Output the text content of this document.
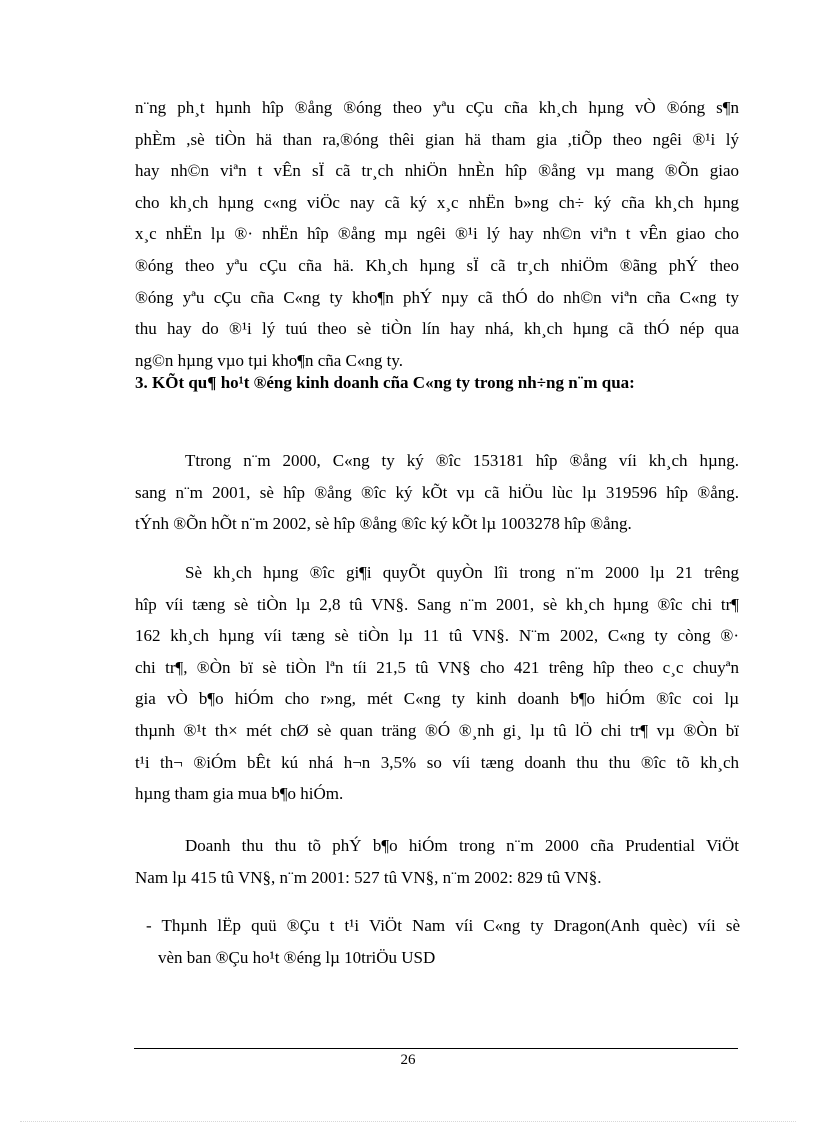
n¨ng ph¸t hµnh hîp ®ång ®óng theo yªu cÇu cña kh¸ch hµng vÒ ®óng s¶n

phÈm ,sè tiÒn hä than ra,®óng thêi gian hä tham gia ,tiÕp theo ngêi ®¹i lý

hay nh©n viªn t vÊn sÏ cã tr¸ch nhiÖn hnÈn hîp ®ång vµ mang ®Õn giao

cho kh¸ch hµng c«ng viÖc nay cã ký x¸c nhËn b»ng ch÷ ký cña kh¸ch hµng

x¸c nhËn lµ ®· nhËn hîp ®ång mµ ngêi ®¹i lý hay nh©n viªn t vÊn giao cho

®óng theo yªu cÇu cña hä. Kh¸ch hµng sÏ cã tr¸ch nhiÖm ®ãng phÝ theo

®óng yªu cÇu cña C«ng ty kho¶n phÝ nµy cã thÓ do nh©n viªn cña C«ng ty

thu hay do ®¹i lý tuú theo sè tiÒn lín hay nhá, kh¸ch hµng cã thÓ nép qua

ng©n hµng vµo tµi kho¶n cña C«ng ty.

3. KÕt qu¶ ho¹t ®éng kinh doanh cña C«ng ty trong nh÷ng n¨m qua:

Ttrong n¨m 2000, C«ng ty ký ®îc 153181 hîp ®ång víi kh¸ch hµng.

sang n¨m 2001, sè hîp ®ång ®îc ký kÕt vµ cã hiÖu lùc lµ 319596 hîp ®ång.

tÝnh ®Õn hÕt n¨m 2002, sè hîp ®ång ®îc ký kÕt lµ 1003278 hîp ®ång.

Sè kh¸ch hµng ®îc gi¶i quyÕt quyÒn lîi trong n¨m 2000 lµ 21 trêng

hîp víi tæng sè tiÒn lµ 2,8 tû VN§. Sang n¨m 2001, sè kh¸ch hµng ®îc chi tr¶

162 kh¸ch hµng víi tæng sè tiÒn lµ 11 tû VN§. N¨m 2002, C«ng ty còng ®·

chi tr¶, ®Òn bï sè tiÒn lªn tíi 21,5 tû VN§ cho 421 trêng hîp theo c¸c chuyªn

gia vÒ b¶o hiÓm cho r»ng, mét C«ng ty kinh doanh b¶o hiÓm ®îc coi lµ

thµnh ®¹t th× mét chØ sè quan träng ®Ó ®¸nh gi¸ lµ tû lÖ chi tr¶ vµ ®Òn bï

t¹i th¬ ®iÓm bÊt kú nhá h¬n 3,5% so víi tæng doanh thu thu ®îc tõ kh¸ch

hµng tham gia mua b¶o hiÓm.

Doanh thu thu tõ phÝ b¶o hiÓm trong n¨m 2000 cña Prudential ViÖt

Nam lµ 415 tû VN§, n¨m 2001: 527 tû VN§, n¨m 2002: 829 tû VN§.

- Thµnh lËp quü ®Çu t t¹i ViÖt Nam víi C«ng ty Dragon(Anh quèc) víi sè

vèn ban ®Çu ho¹t ®éng lµ 10triÖu USD

26
